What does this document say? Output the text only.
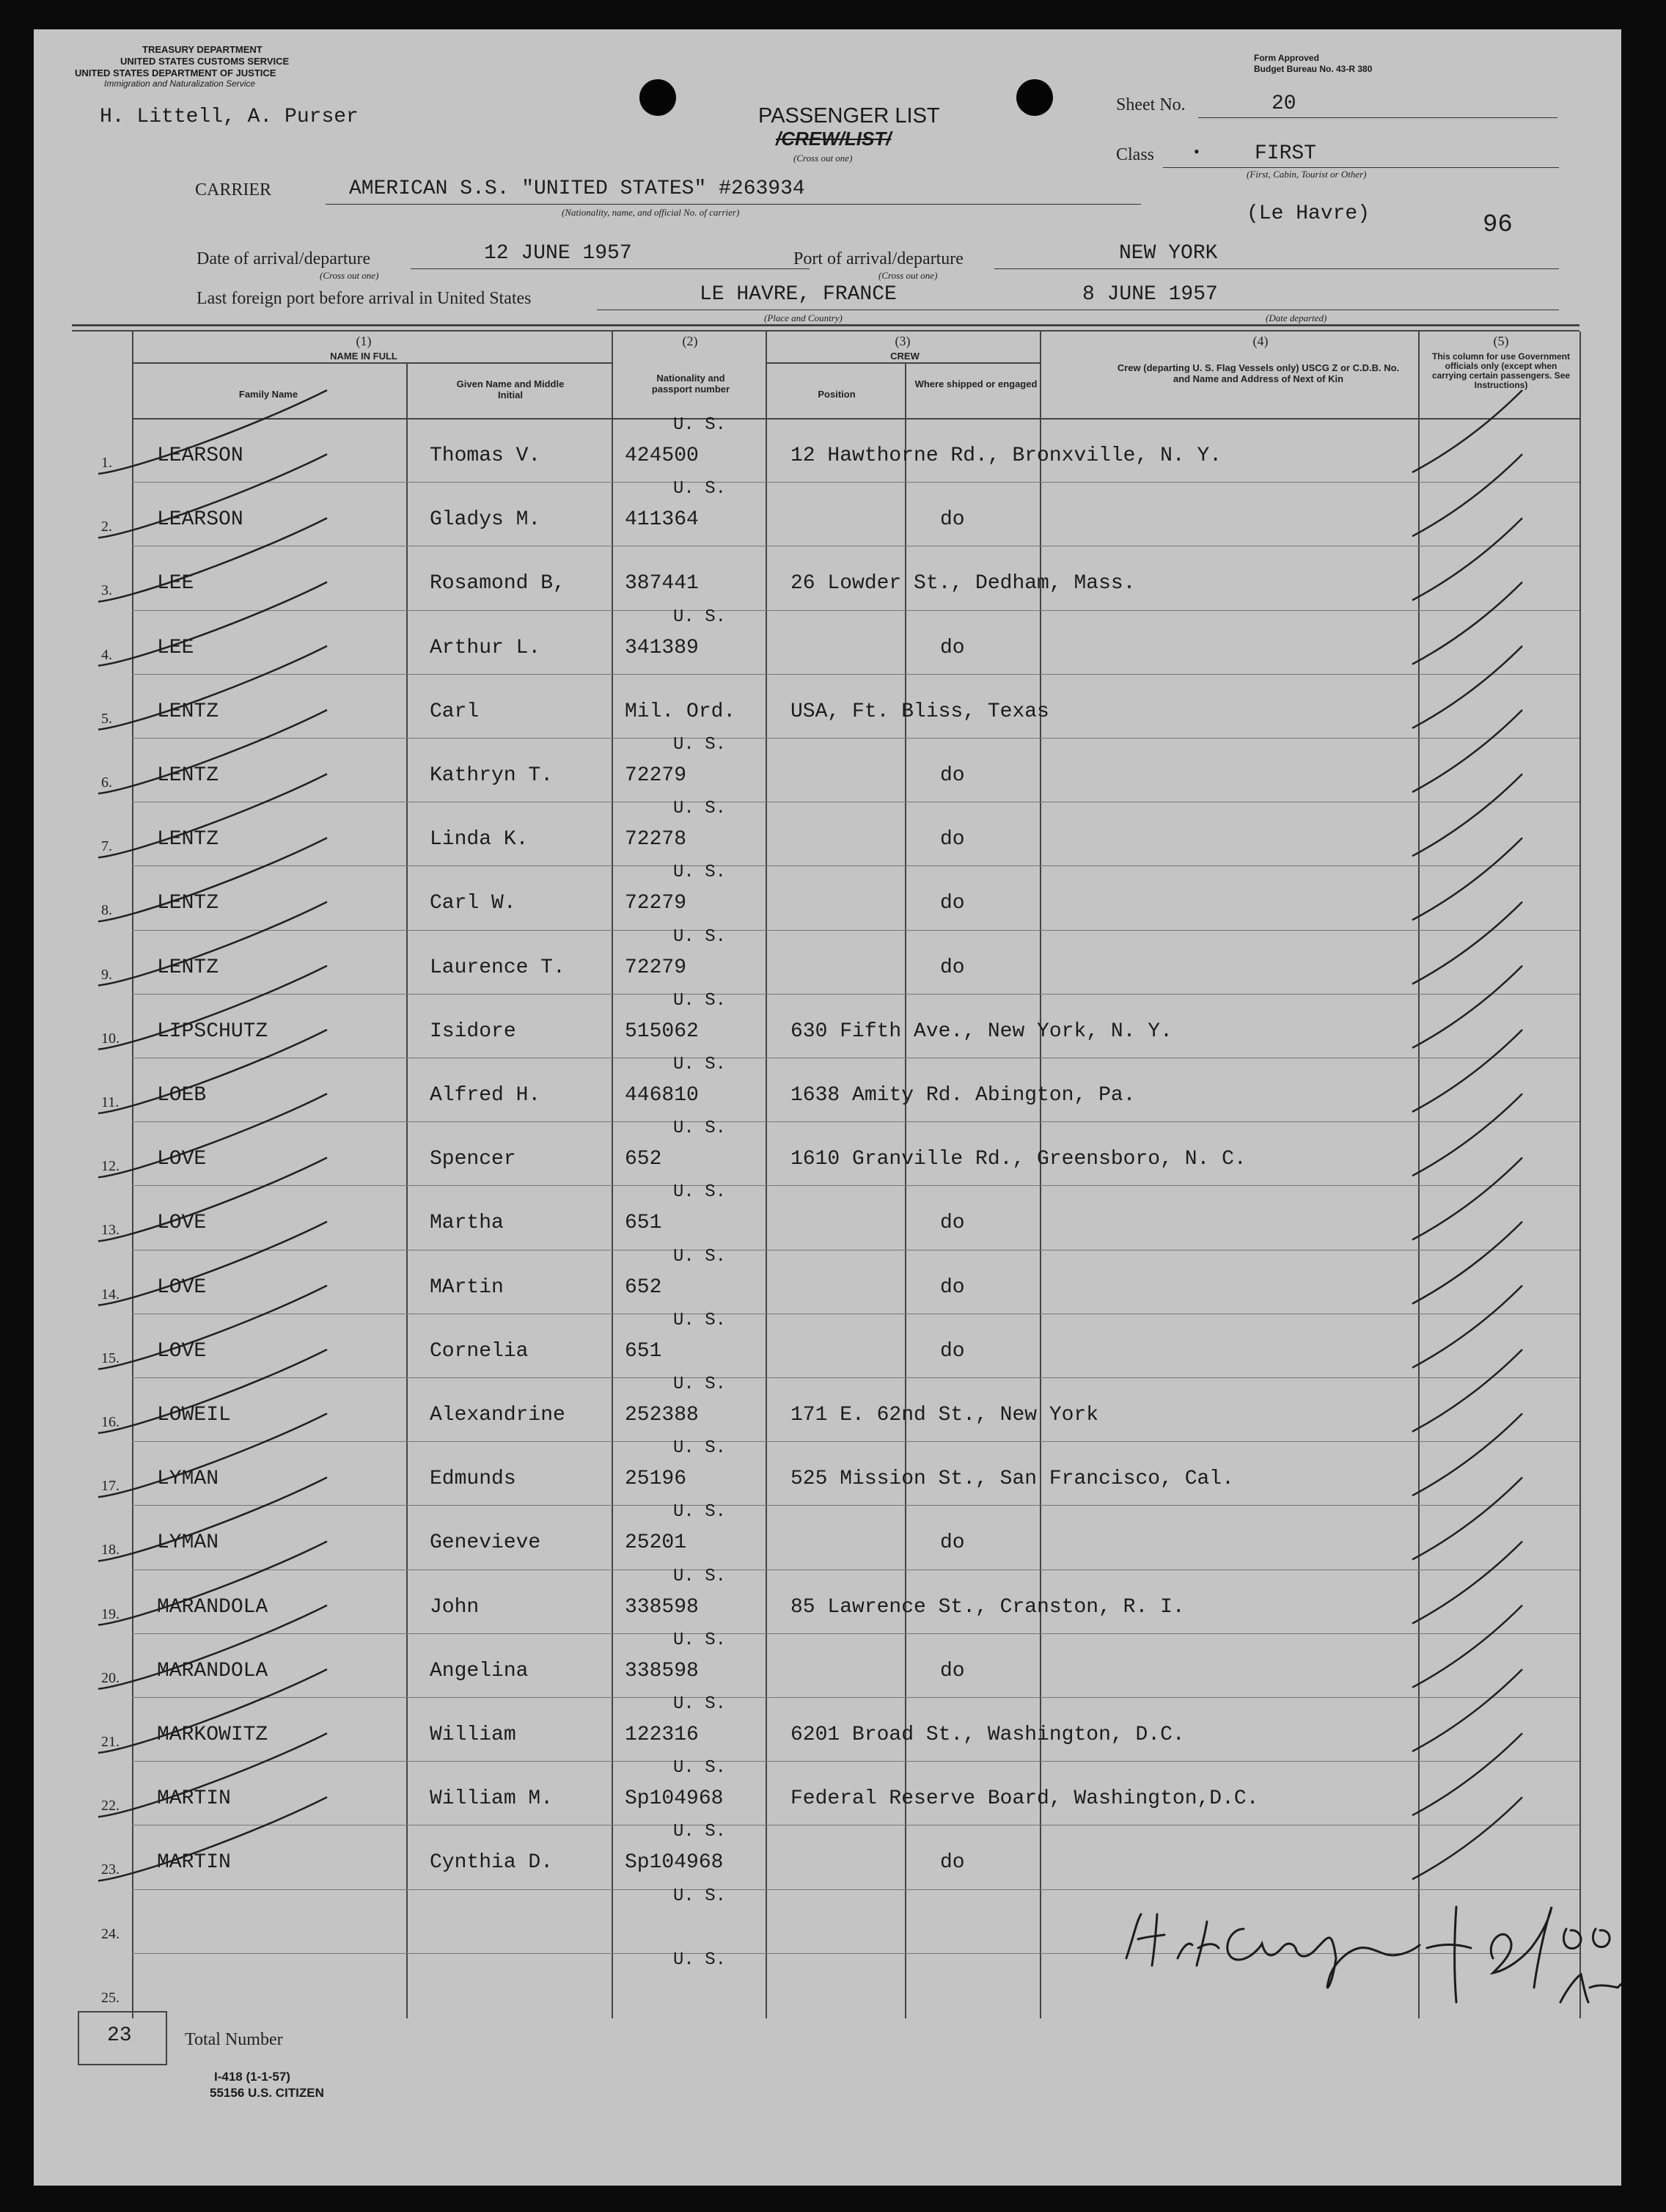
TREASURY DEPARTMENT
UNITED STATES CUSTOMS SERVICE
UNITED STATES DEPARTMENT OF JUSTICE
Immigration and Naturalization Service
H. Littell, A. Purser	PASSENGER LIST
/CREW/LIST/
(Cross out one)
Form Approved
Budget Bureau No. 43-R 380
Sheet No.	20
Class •	FIRST
(First, Cabin, Tourist or Other)
CARRIER	AMERICAN S.S. "UNITED STATES" #263934
(Nationality, name, and official No. of carrier)	(Le Havre)	96
Date of arrival/departure
(Cross out one)
12 JUNE 1957	Port of arrival/departure
(Cross out one)
NEW YORK
Last foreign port before arrival in United States	LE HAVRE, FRANCE
(Place and Country)
8 JUNE 1957
(Date departed)
(1)
NAME IN FULL
Family Name
Given Name and Middle Initial
(2)
Nationality and passport number
(3)
CREW
Position
Where shipped or engaged
(4)
Crew (departing U. S. Flag Vessels only) USCG Z or C.D.B. No. and Name and Address of Next of Kin
(5)
This column for use Government officials only (except when carrying certain passengers. See Instructions)
1.
U. S.
LEARSON	Thomas V.	424500	12 Hawthorne Rd., Bronxville, N. Y.
2.
U. S.
LEARSON	Gladys M.	411364	do
3. LEE	Rosamond B,	387441	26 Lowder St., Dedham, Mass.
4.
U. S.
LEE	Arthur L.	341389	do
5. LENTZ	Carl	Mil. Ord.	USA, Ft. Bliss, Texas
6.
U. S.
LENTZ	Kathryn T.	72279	do
7.
U. S.
LENTZ	Linda K.	72278	do
8.
U. S.
LENTZ	Carl W.	72279	do
9.
U. S.
LENTZ	Laurence T.	72279	do
10.
U. S.
LIPSCHUTZ	Isidore	515062	630 Fifth Ave., New York, N. Y.
11.
U. S.
LOEB	Alfred H.	446810	1638 Amity Rd. Abington, Pa.
12.
U. S.
LOVE	Spencer	652	1610 Granville Rd., Greensboro, N. C.
13.
U. S.
LOVE	Martha	651	do
14.
U. S.
LOVE	MArtin	652	do
15.
U. S.
LOVE	Cornelia	651	do
16.
U. S.
LOWEIL	Alexandrine	252388	171 E. 62nd St., New York
17.
U. S.
LYMAN	Edmunds	25196	525 Mission St., San Francisco, Cal.
18.
U. S.
LYMAN	Genevieve	25201	do
19.
U. S.
MARANDOLA	John	338598	85 Lawrence St., Cranston, R. I.
20.
U. S.
MARANDOLA	Angelina	338598	do
21.
U. S.
MARKOWITZ	William	122316	6201 Broad St., Washington, D.C.
22.
U. S.
MARTIN	William M.	Sp104968	Federal Reserve Board, Washington,D.C.
23.
U. S.
MARTIN	Cynthia D.	Sp104968	do
24.
U. S.
25.
U. S.
23	Total Number
I-418 (1-1-57)
55156 U.S. CITIZEN
